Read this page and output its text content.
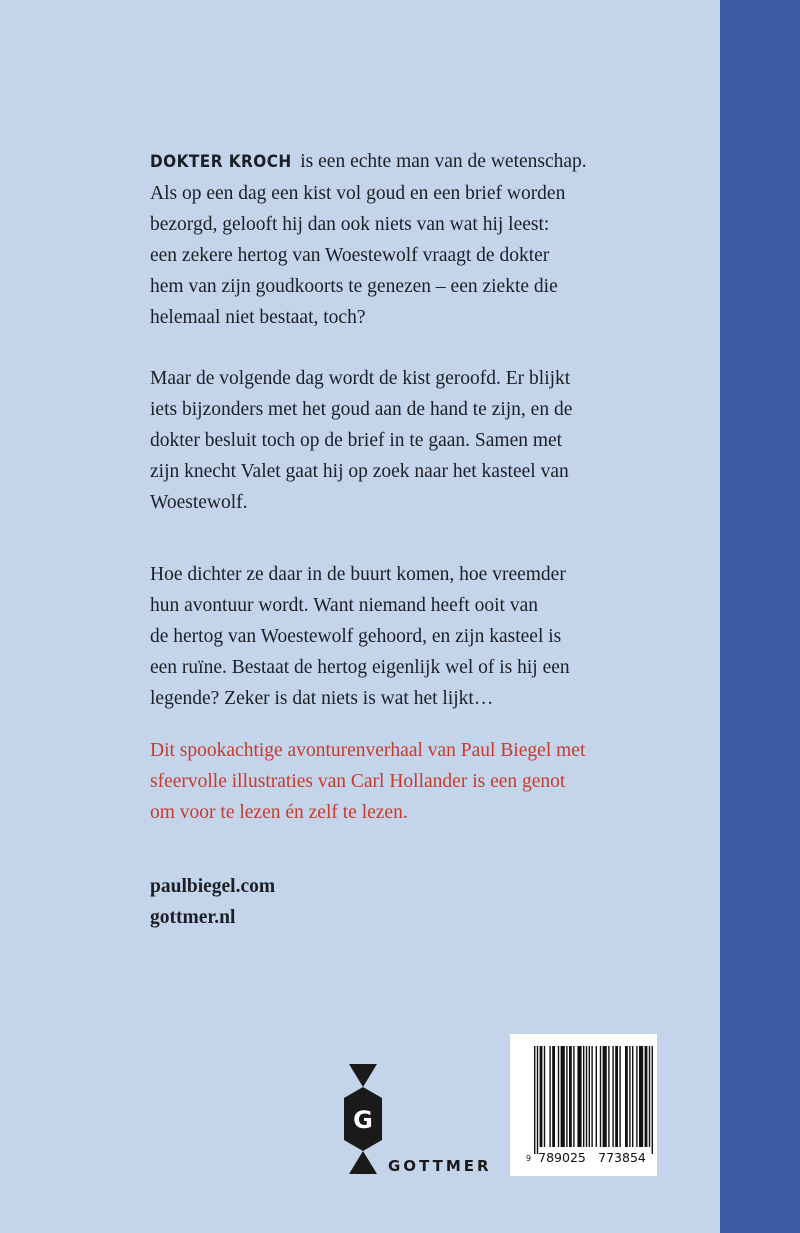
DOKTER KROCH is een echte man van de wetenschap.
Als op een dag een kist vol goud en een brief worden
bezorgd, gelooft hij dan ook niets van wat hij leest:
een zekere hertog van Woestewolf vraagt de dokter
hem van zijn goudkoorts te genezen – een ziekte die
helemaal niet bestaat, toch?
Maar de volgende dag wordt de kist geroofd. Er blijkt
iets bijzonders met het goud aan de hand te zijn, en de
dokter besluit toch op de brief in te gaan. Samen met
zijn knecht Valet gaat hij op zoek naar het kasteel van
Woestewolf.
Hoe dichter ze daar in de buurt komen, hoe vreemder
hun avontuur wordt. Want niemand heeft ooit van
de hertog van Woestewolf gehoord, en zijn kasteel is
een ruïne. Bestaat de hertog eigenlijk wel of is hij een
legende? Zeker is dat niets is wat het lijkt…
Dit spookachtige avonturenverhaal van Paul Biegel met
sfeervolle illustraties van Carl Hollander is een genot
om voor te lezen én zelf te lezen.
paulbiegel.com
gottmer.nl
G
GOTTMER	9 789025 773854
